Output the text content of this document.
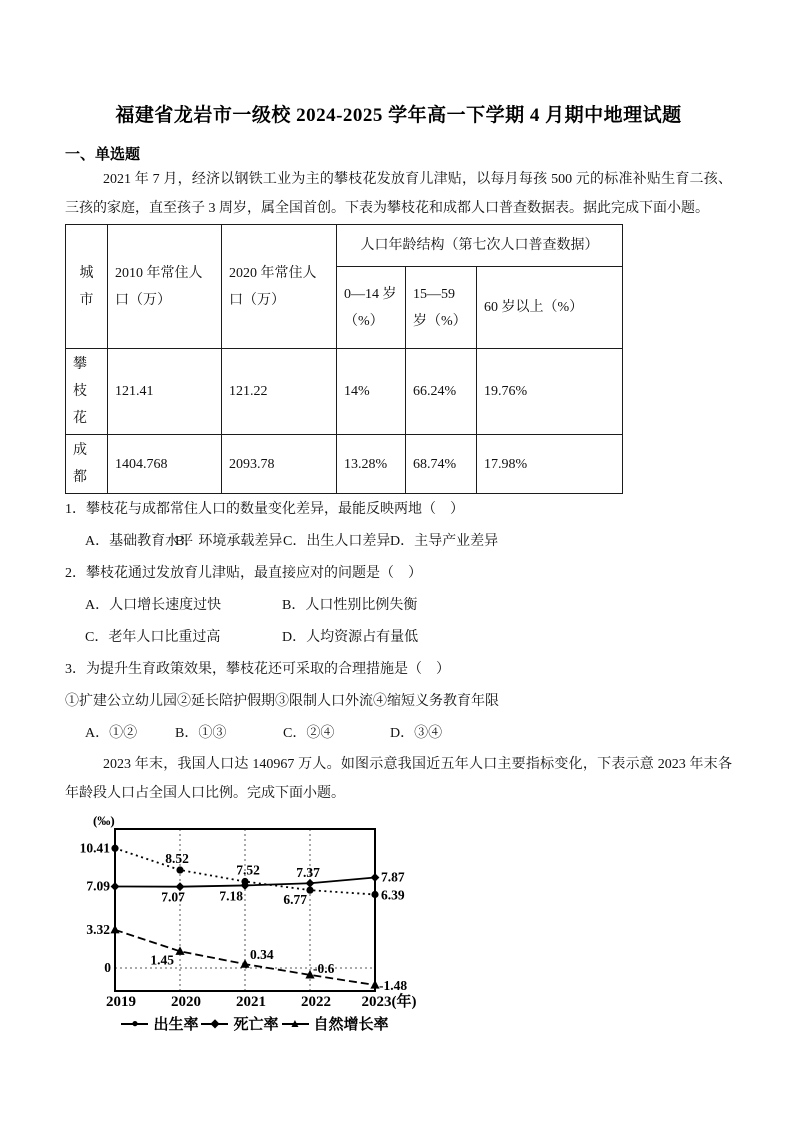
福建省龙岩市一级校 2024-2025 学年高一下学期 4 月期中地理试题
一、单选题

2021 年 7 月，经济以钢铁工业为主的攀枝花发放育儿津贴，以每月每孩 500 元的标准补贴生育二孩、三孩的家庭，直至孩子 3 周岁，属全国首创。下表为攀枝花和成都人口普查数据表。据此完成下面小题。

城市	2010 年常住人口（万）	2020 年常住人口（万）	人口年龄结构（第七次人口普查数据）		
			0—14 岁（%）	15—59 岁（%）	60 岁以上（%）
攀枝花	121.41	121.22	14%	66.24%	19.76%
成都	1404.768	2093.78	13.28%	68.74%	17.98%
1．攀枝花与成都常住人口的数量变化差异，最能反映两地（　）
A．基础教育水平
B．环境承载差异 C．出生人口差异 D．主导产业差异
2．攀枝花通过发放育儿津贴，最直接应对的问题是（　）
A．人口增长速度过快	B．人口性别比例失衡
C．老年人口比重过高	D．人均资源占有量低
3．为提升生育政策效果，攀枝花还可采取的合理措施是（　）
①扩建公立幼儿园②延长陪护假期③限制人口外流④缩短义务教育年限
A．①②	B．①③	C．②④	D．③④

2023 年末，我国人口达 140967 万人。如图示意我国近五年人口主要指标变化，下表示意 2023 年末各年龄段人口占全国人口比例。完成下面小题。

(‰)
0
2019 2020 2021 2022 2023(年)
10.41
8.52
7.52
6.77	6.39
7.09
7.07	7.18
7.37	7.87
3.32
1.45	0.34
-0.6
-1.48
● 出生率 ◆ 死亡率 ▲ 自然增长率
